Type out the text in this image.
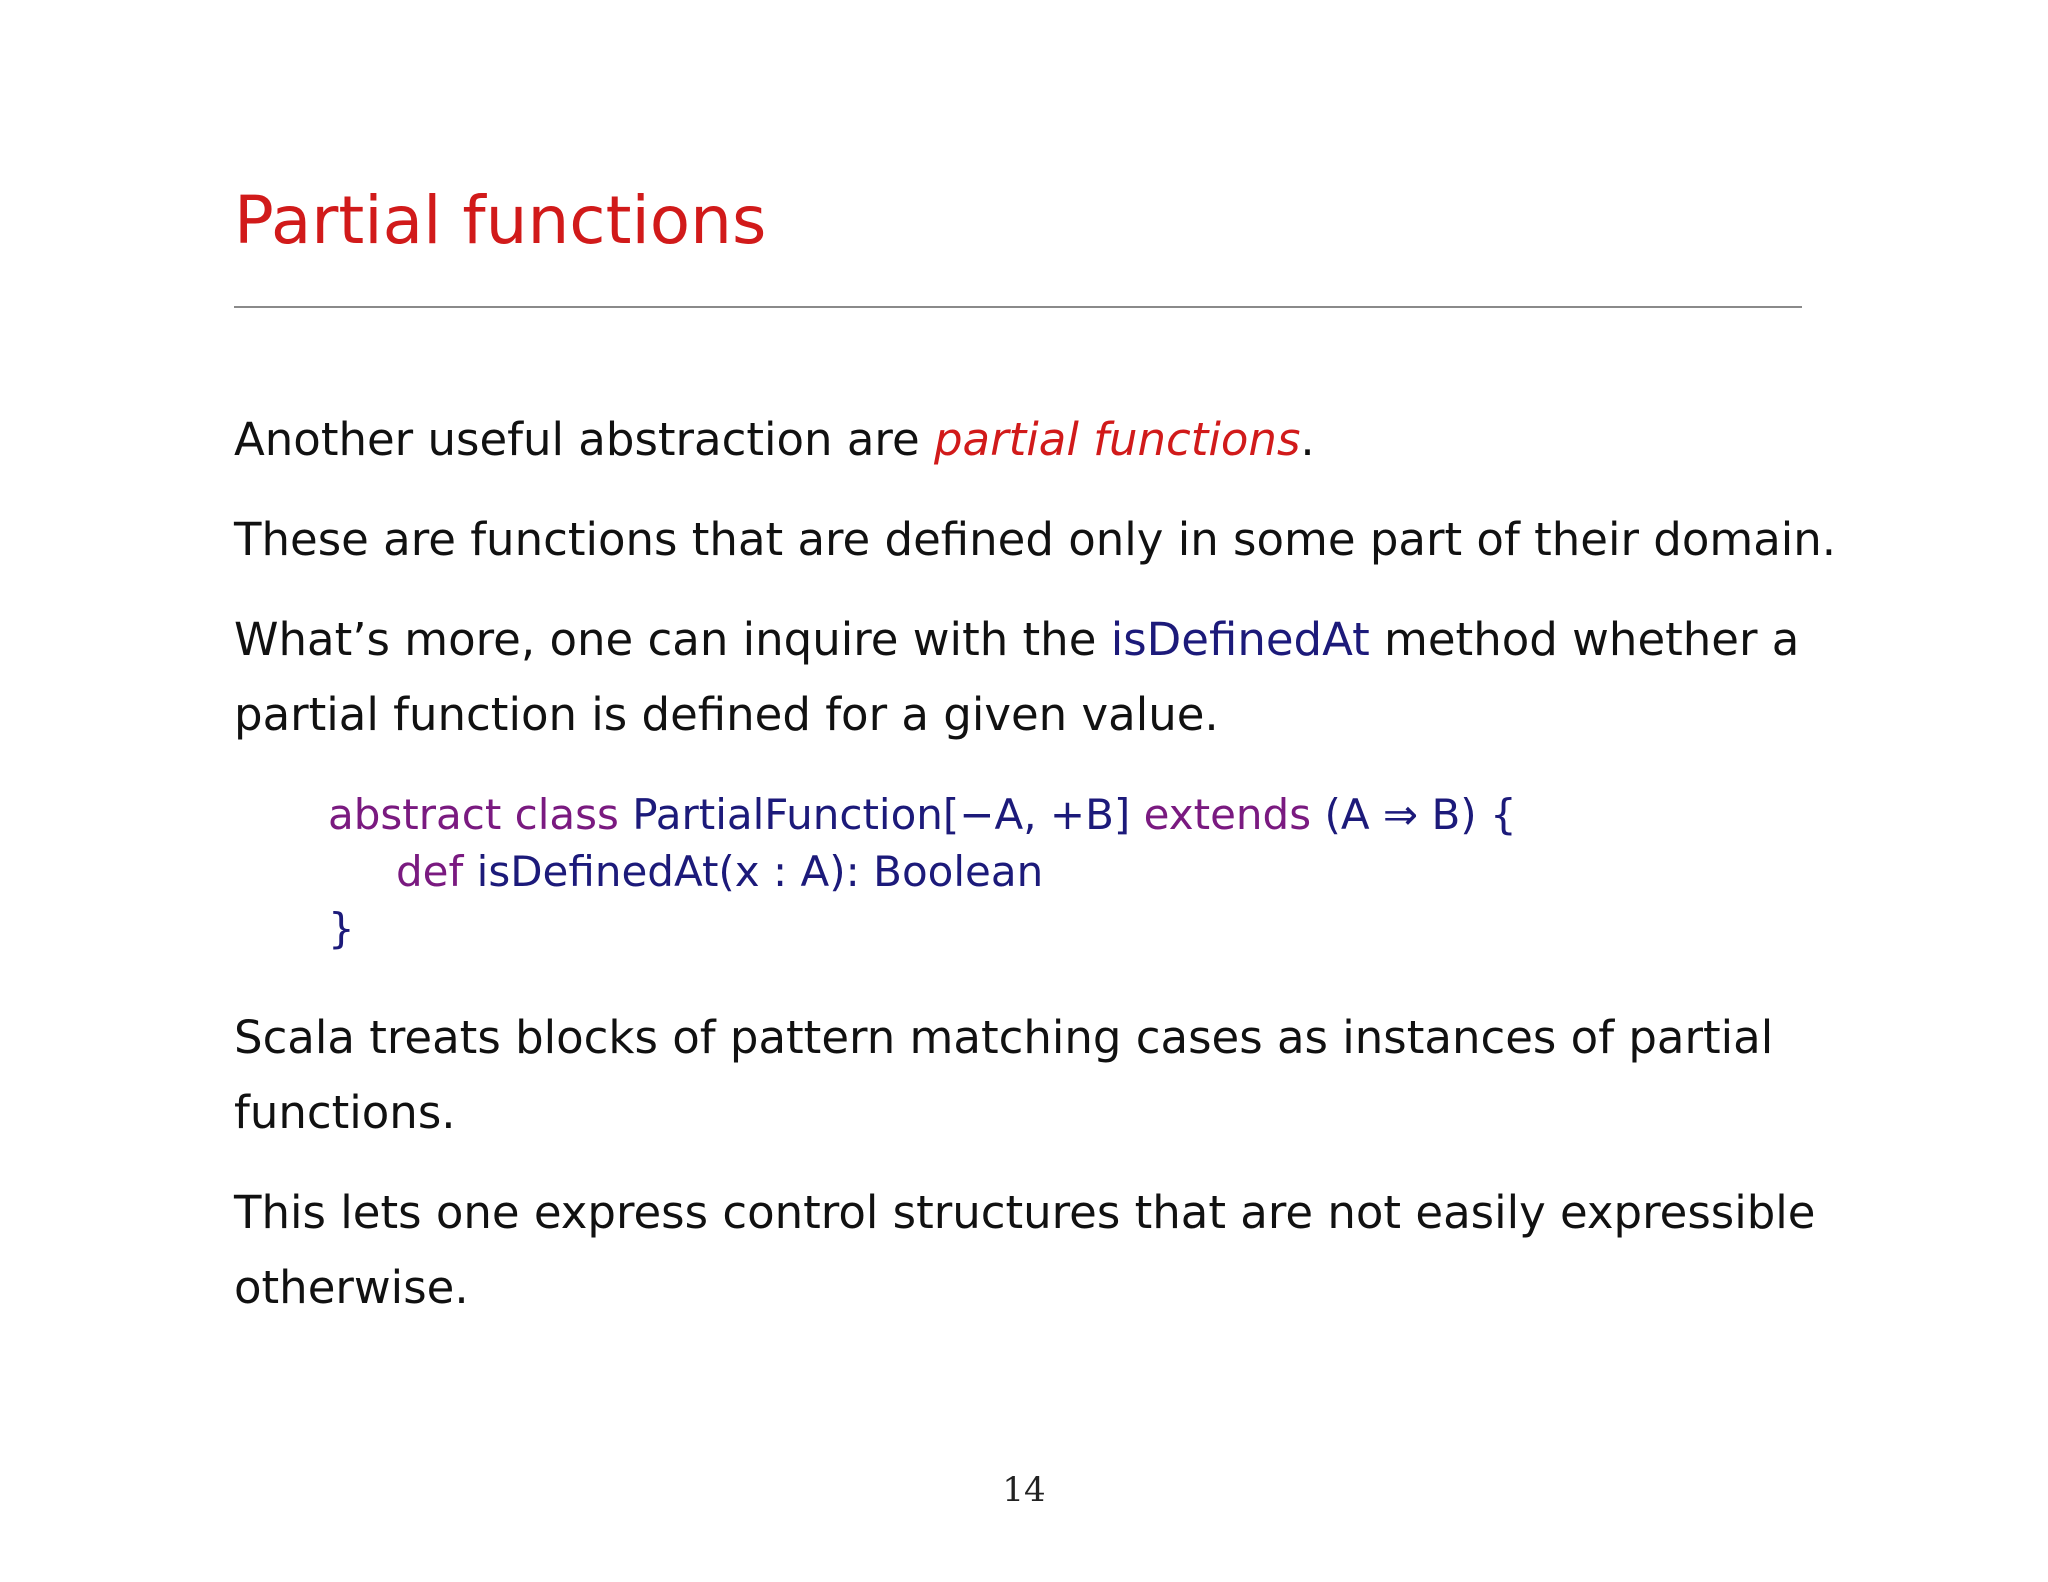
Partial functions
Another useful abstraction are partial functions.
These are functions that are defined only in some part of their domain.
What’s more, one can inquire with the isDefinedAt method whether a
partial function is defined for a given value.
abstract class PartialFunction[−A, +B] extends (A ⇒ B) {
def isDefinedAt(x : A): Boolean
}
Scala treats blocks of pattern matching cases as instances of partial
functions.
This lets one express control structures that are not easily expressible
otherwise.
14
